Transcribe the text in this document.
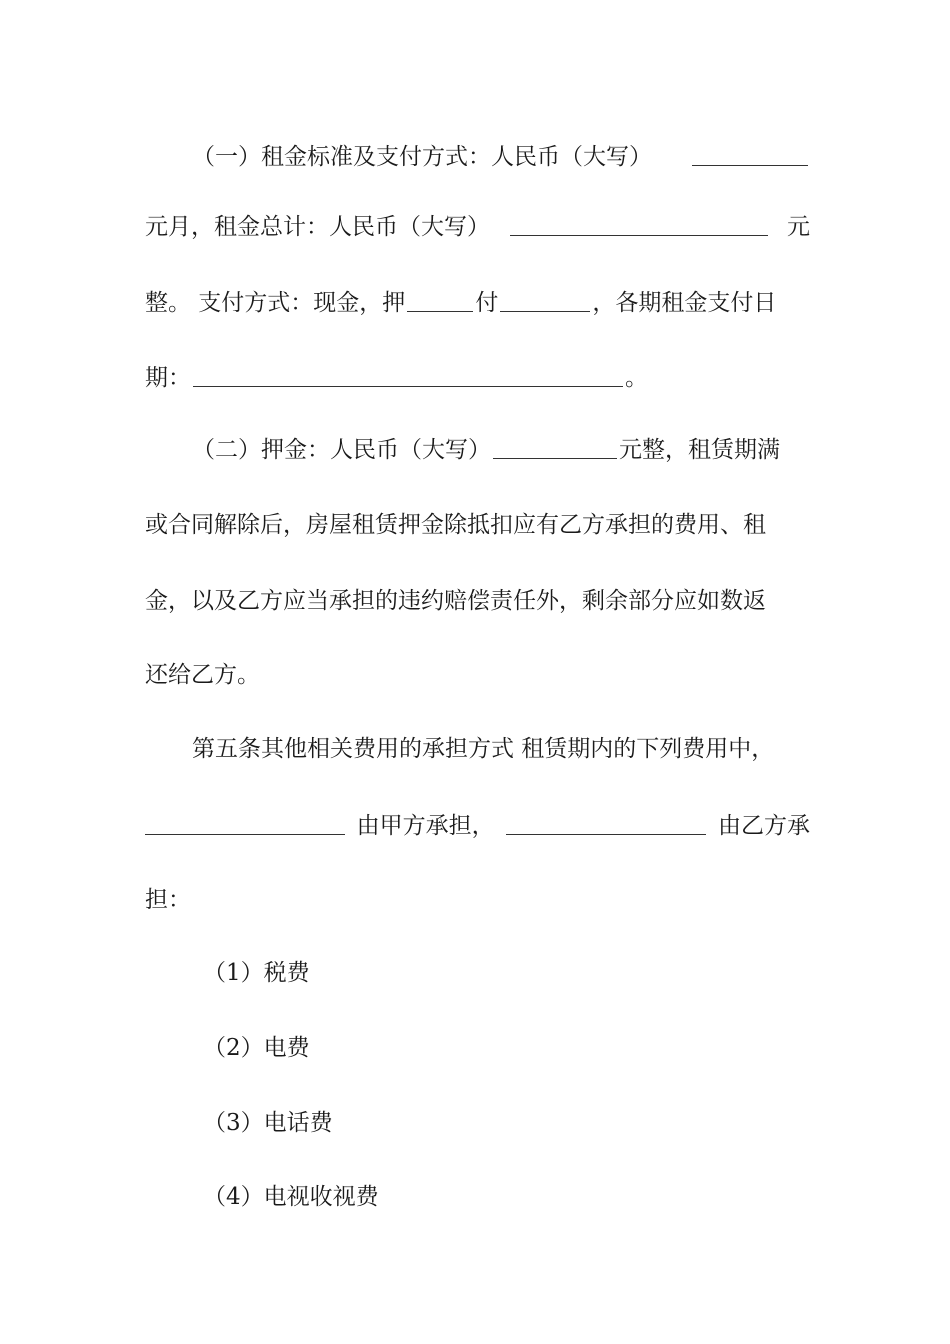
（一）租金标准及支付方式：人民币（大写）
元月，租金总计：人民币（大写）	元
整。 支付方式：现金，押	付	，各期租金支付日
期：	。
（二）押金：人民币（大写）	元整，租赁期满
或合同解除后，房屋租赁押金除抵扣应有乙方承担的费用、租
金，以及乙方应当承担的违约赔偿责任外，剩余部分应如数返
还给乙方。
第五条其他相关费用的承担方式 租赁期内的下列费用中，
由甲方承担，	由乙方承
担：
（1）税费
（2）电费
（3）电话费
（4）电视收视费
